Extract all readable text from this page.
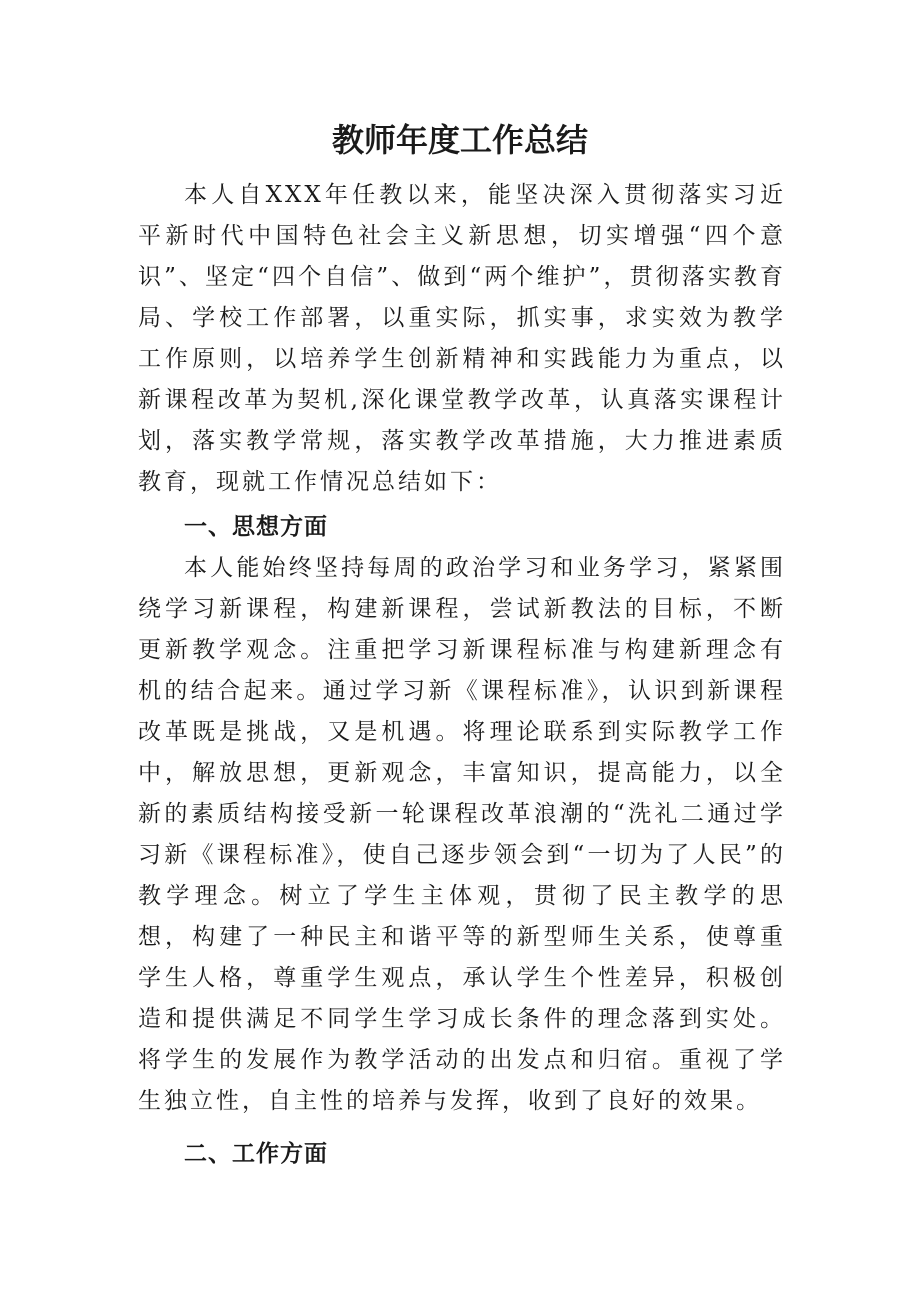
教师年度工作总结

本人自XXX年任教以来，能坚决深入贯彻落实习近平新时代中国特色社会主义新思想，切实增强“四个意识”、坚定“四个自信”、做到“两个维护”，贯彻落实教育局、学校工作部署，以重实际，抓实事，求实效为教学工作原则，以培养学生创新精神和实践能力为重点，以新课程改革为契机,深化课堂教学改革，认真落实课程计划，落实教学常规，落实教学改革措施，大力推进素质教育，现就工作情况总结如下：

一、思想方面

本人能始终坚持每周的政治学习和业务学习，紧紧围绕学习新课程，构建新课程，尝试新教法的目标，不断更新教学观念。注重把学习新课程标准与构建新理念有机的结合起来。通过学习新《课程标准》，认识到新课程改革既是挑战，又是机遇。将理论联系到实际教学工作中，解放思想，更新观念，丰富知识，提高能力，以全新的素质结构接受新一轮课程改革浪潮的“洗礼二通过学习新《课程标准》，使自己逐步领会到“一切为了人民”的教学理念。树立了学生主体观，贯彻了民主教学的思想，构建了一种民主和谐平等的新型师生关系，使尊重学生人格，尊重学生观点，承认学生个性差异，积极创造和提供满足不同学生学习成长条件的理念落到实处。将学生的发展作为教学活动的出发点和归宿。重视了学生独立性，自主性的培养与发挥，收到了良好的效果。

二、工作方面
